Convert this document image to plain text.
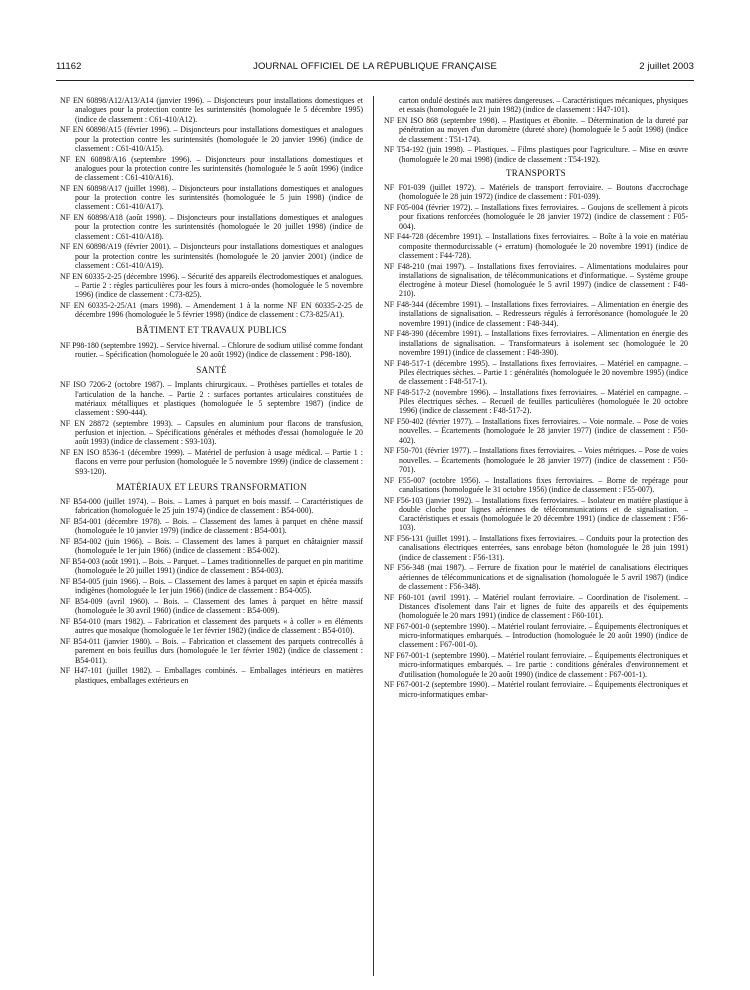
11162	JOURNAL OFFICIEL DE LA RÉPUBLIQUE FRANÇAISE	2 juillet 2003

NF EN 60898/A12/A13/A14 (janvier 1996). – Disjoncteurs pour installations domestiques et analogues pour la protection contre les surintensités (homologuée le 5 décembre 1995) (indice de classement : C61-410/A12).

NF EN 60898/A15 (février 1996). – Disjoncteurs pour installations domestiques et analogues pour la protection contre les surintensités (homologuée le 20 janvier 1996) (indice de classement : C61-410/A15).

NF EN 60898/A16 (septembre 1996). – Disjoncteurs pour installations domestiques et analogues pour la protection contre les surintensités (homologuée le 5 août 1996) (indice de classement : C61-410/A16).

NF EN 60898/A17 (juillet 1998). – Disjoncteurs pour installations domestiques et analogues pour la protection contre les surintensités (homologuée le 5 juin 1998) (indice de classement : C61-410/A17).

NF EN 60898/A18 (août 1998). – Disjoncteurs pour installations domestiques et analogues pour la protection contre les surintensités (homologuée le 20 juillet 1998) (indice de classement : C61-410/A18).

NF EN 60898/A19 (février 2001). – Disjoncteurs pour installations domestiques et analogues pour la protection contre les surintensités (homologuée le 20 janvier 2001) (indice de classement : C61-410/A19).

NF EN 60335-2-25 (décembre 1996). – Sécurité des appareils électrodomestiques et analogues. – Partie 2 : règles particulières pour les fours à micro-ondes (homologuée le 5 novembre 1996) (indice de classement : C73-825).

NF EN 60335-2-25/A1 (mars 1998). – Amendement 1 à la norme NF EN 60335-2-25 de décembre 1996 (homologuée le 5 février 1998) (indice de classement : C73-825/A1).

BÂTIMENT ET TRAVAUX PUBLICS

NF P98-180 (septembre 1992). – Service hivernal. – Chlorure de sodium utilisé comme fondant routier. – Spécification (homologuée le 20 août 1992) (indice de classement : P98-180).

SANTÉ

NF ISO 7206-2 (octobre 1987). – Implants chirurgicaux. – Prothèses partielles et totales de l'articulation de la hanche. – Partie 2 : surfaces portantes articulaires constituées de matériaux métalliques et plastiques (homologuée le 5 septembre 1987) (indice de classement : S90-444).

NF EN 28872 (septembre 1993). – Capsules en aluminium pour flacons de transfusion, perfusion et injection. – Spécifications générales et méthodes d'essai (homologuée le 20 août 1993) (indice de classement : S93-103).

NF EN ISO 8536-1 (décembre 1999). – Matériel de perfusion à usage médical. – Partie 1 : flacons en verre pour perfusion (homologuée le 5 novembre 1999) (indice de classement : S93-120).

MATÉRIAUX ET LEURS TRANSFORMATION

NF B54-000 (juillet 1974). – Bois. – Lames à parquet en bois massif. – Caractéristiques de fabrication (homologuée le 25 juin 1974) (indice de classement : B54-000).

NF B54-001 (décembre 1978). – Bois. – Classement des lames à parquet en chêne massif (homologuée le 10 janvier 1979) (indice de classement : B54-001).

NF B54-002 (juin 1966). – Bois. – Classement des lames à parquet en châtaignier massif (homologuée le 1er juin 1966) (indice de classement : B54-002).

NF B54-003 (août 1991). – Bois. – Parquet. – Lames traditionnelles de parquet en pin maritime (homologuée le 20 juillet 1991) (indice de classement : B54-003).

NF B54-005 (juin 1966). – Bois. – Classement des lames à parquet en sapin et épicéa massifs indigènes (homologuée le 1er juin 1966) (indice de classement : B54-005).

NF B54-009 (avril 1960). – Bois. – Classement des lames à parquet en hêtre massif (homologuée le 30 avril 1960) (indice de classement : B54-009).

NF B54-010 (mars 1982). – Fabrication et classement des parquets « à coller » en éléments autres que mosaïque (homologuée le 1er février 1982) (indice de classement : B54-010).

NF B54-011 (janvier 1980). – Bois. – Fabrication et classement des parquets contrecollés à parement en bois feuillus durs (homologuée le 1er février 1982) (indice de classement : B54-011).

NF H47-101 (juillet 1982). – Emballages combinés. – Emballages intérieurs en matières plastiques, emballages extérieurs en

carton ondulé destinés aux matières dangereuses. – Caractéristiques mécaniques, physiques et essais (homologuée le 21 juin 1982) (indice de classement : H47-101).

NF EN ISO 868 (septembre 1998). – Plastiques et ébonite. – Détermination de la dureté par pénétration au moyen d'un duromètre (dureté shore) (homologuée le 5 août 1998) (indice de classement : T51-174).

NF T54-192 (juin 1998). – Plastiques. – Films plastiques pour l'agriculture. – Mise en œuvre (homologuée le 20 mai 1998) (indice de classement : T54-192).

TRANSPORTS

NF F01-039 (juillet 1972). – Matériels de transport ferroviaire. – Boutons d'accrochage (homologuée le 28 juin 1972) (indice de classement : F01-039).

NF F05-004 (février 1972). – Installations fixes ferroviaires. – Goujons de scellement à picots pour fixations renforcées (homologuée le 28 janvier 1972) (indice de classement : F05-004).

NF F44-728 (décembre 1991). – Installations fixes ferroviaires. – Boîte à la voie en matériau composite thermodurcissable (+ erratum) (homologuée le 20 novembre 1991) (indice de classement : F44-728).

NF F48-210 (mai 1997). – Installations fixes ferroviaires. – Alimentations modulaires pour installations de signalisation, de télécommunications et d'informatique. – Système groupe électrogène à moteur Diesel (homologuée le 5 avril 1997) (indice de classement : F48-210).

NF F48-344 (décembre 1991). – Installations fixes ferroviaires. – Alimentation en énergie des installations de signalisation. – Redresseurs régulés à ferrorésonance (homologuée le 20 novembre 1991) (indice de classement : F48-344).

NF F48-390 (décembre 1991). – Installations fixes ferroviaires. – Alimentation en énergie des installations de signalisation. – Transformateurs à isolement sec (homologuée le 20 novembre 1991) (indice de classement : F48-390).

NF F48-517-1 (décembre 1995). – Installations fixes ferroviaires. – Matériel en campagne. – Piles électriques sèches. – Partie 1 : généralités (homologuée le 20 novembre 1995) (indice de classement : F48-517-1).

NF F48-517-2 (novembre 1996). – Installations fixes ferroviaires. – Matériel en campagne. – Piles électriques sèches. – Recueil de feuilles particulières (homologuée le 20 octobre 1996) (indice de classement : F48-517-2).

NF F50-402 (février 1977). – Installations fixes ferroviaires. – Voie normale. – Pose de voies nouvelles. – Écartements (homologuée le 28 janvier 1977) (indice de classement : F50-402).

NF F50-701 (février 1977). – Installations fixes ferroviaires. – Voies métriques. – Pose de voies nouvelles. – Écartements (homologuée le 28 janvier 1977) (indice de classement : F50-701).

NF F55-007 (octobre 1956). – Installations fixes ferroviaires. – Borne de repérage pour canalisations (homologuée le 31 octobre 1956) (indice de classement : F55-007).

NF F56-103 (janvier 1992). – Installations fixes ferroviaires. – Isolateur en matière plastique à double cloche pour lignes aériennes de télécommunications et de signalisation. – Caractéristiques et essais (homologuée le 20 décembre 1991) (indice de classement : F56-103).

NF F56-131 (juillet 1991). – Installations fixes ferroviaires. – Conduits pour la protection des canalisations électriques enterrées, sans enrobage béton (homologuée le 28 juin 1991) (indice de classement : F56-131).

NF F56-348 (mai 1987). – Ferrure de fixation pour le matériel de canalisations électriques aériennes de télécommunications et de signalisation (homologuée le 5 avril 1987) (indice de classement : F56-348).

NF F60-101 (avril 1991). – Matériel roulant ferroviaire. – Coordination de l'isolement. – Distances d'isolement dans l'air et lignes de fuite des appareils et des équipements (homologuée le 20 mars 1991) (indice de classement : F60-101).

NF F67-001-0 (septembre 1990). – Matériel roulant ferroviaire. – Équipements électroniques et micro-informatiques embarqués. – Introduction (homologuée le 20 août 1990) (indice de classement : F67-001-0).

NF F67-001-1 (septembre 1990). – Matériel roulant ferroviaire. – Équipements électroniques et micro-informatiques embarqués. – 1re partie : conditions générales d'environnement et d'utilisation (homologuée le 20 août 1990) (indice de classement : F67-001-1).

NF F67-001-2 (septembre 1990). – Matériel roulant ferroviaire. – Équipements électroniques et micro-informatiques embar-
